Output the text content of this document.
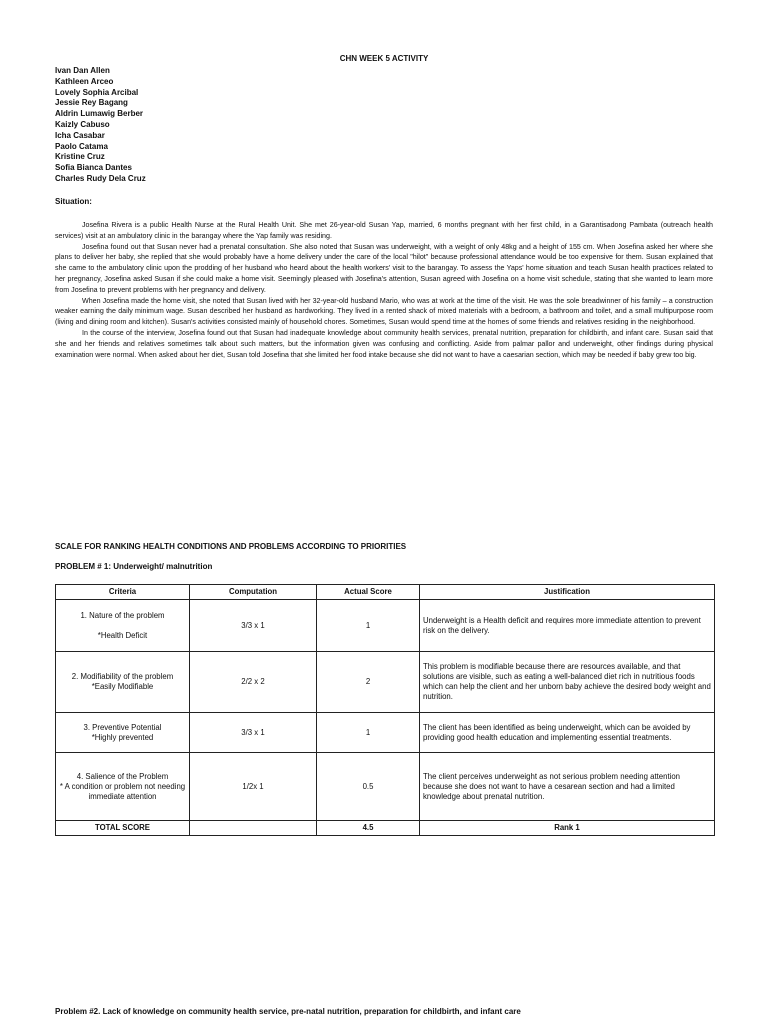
CHN WEEK 5 ACTIVITY
Ivan Dan Allen
Kathleen Arceo
Lovely Sophia Arcibal
Jessie Rey Bagang
Aldrin Lumawig Berber
Kaizly Cabuso
Icha Casabar
Paolo Catama
Kristine Cruz
Sofia Bianca Dantes
Charles Rudy Dela Cruz
Situation:

Josefina Rivera is a public Health Nurse at the Rural Health Unit. She met 26-year-old Susan Yap, married, 6 months pregnant with her first child, in a Garantisadong Pambata (outreach health services) visit at an ambulatory clinic in the barangay where the Yap family was residing.

Josefina found out that Susan never had a prenatal consultation. She also noted that Susan was underweight, with a weight of only 48kg and a height of 155 cm. When Josefina asked her where she plans to deliver her baby, she replied that she would probably have a home delivery under the care of the local "hilot" because professional attendance would be too expensive for them. Susan explained that she came to the ambulatory clinic upon the prodding of her husband who heard about the health workers' visit to the barangay. To assess the Yaps' home situation and teach Susan health practices related to her pregnancy, Josefina asked Susan if she could make a home visit. Seemingly pleased with Josefina's attention, Susan agreed with Josefina on a home visit schedule, stating that she wanted to learn more from Josefina to prevent problems with her pregnancy and delivery.

When Josefina made the home visit, she noted that Susan lived with her 32-year-old husband Mario, who was at work at the time of the visit. He was the sole breadwinner of his family – a construction weaker earning the daily minimum wage. Susan described her husband as hardworking. They lived in a rented shack of mixed materials with a bedroom, a bathroom and toilet, and a small multipurpose room (living and dining room and kitchen). Susan's activities consisted mainly of household chores. Sometimes, Susan would spend time at the homes of some friends and relatives residing in the neighborhood.

In the course of the interview, Josefina found out that Susan had inadequate knowledge about community health services, prenatal nutrition, preparation for childbirth, and infant care. Susan said that she and her friends and relatives sometimes talk about such matters, but the information given was confusing and conflicting. Aside from palmar pallor and underweight, other findings during physical examination were normal. When asked about her diet, Susan told Josefina that she limited her food intake because she did not want to have a caesarian section, which may be needed if baby grew too big.

SCALE FOR RANKING HEALTH CONDITIONS AND PROBLEMS ACCORDING TO PRIORITIES
PROBLEM # 1: Underweight/ malnutrition
Criteria	Computation	Actual Score	Justification

1. Nature of the problem
*Health Deficit	3/3 x 1	1	Underweight is a Health deficit and requires more immediate attention to prevent risk on the delivery.

2. Modifiability of the problem
*Easily Modifiable	2/2 x 2	2	This problem is modifiable because there are resources available, and that solutions are visible, such as eating a well-balanced diet rich in nutritious foods which can help the client and her unborn baby achieve the desired body weight and nutrition.

3. Preventive Potential
*Highly prevented	3/3 x 1	1	The client has been identified as being underweight, which can be avoided by providing good health education and implementing essential treatments.

4. Salience of the Problem
* A condition or problem not needing immediate attention	1/2x 1	0.5	The client perceives underweight as not serious problem needing attention because she does not want to have a cesarean section and had a limited knowledge about prenatal nutrition.
TOTAL SCORE		4.5	Rank 1
Problem #2. Lack of knowledge on community health service, pre-natal nutrition, preparation for childbirth, and infant care
